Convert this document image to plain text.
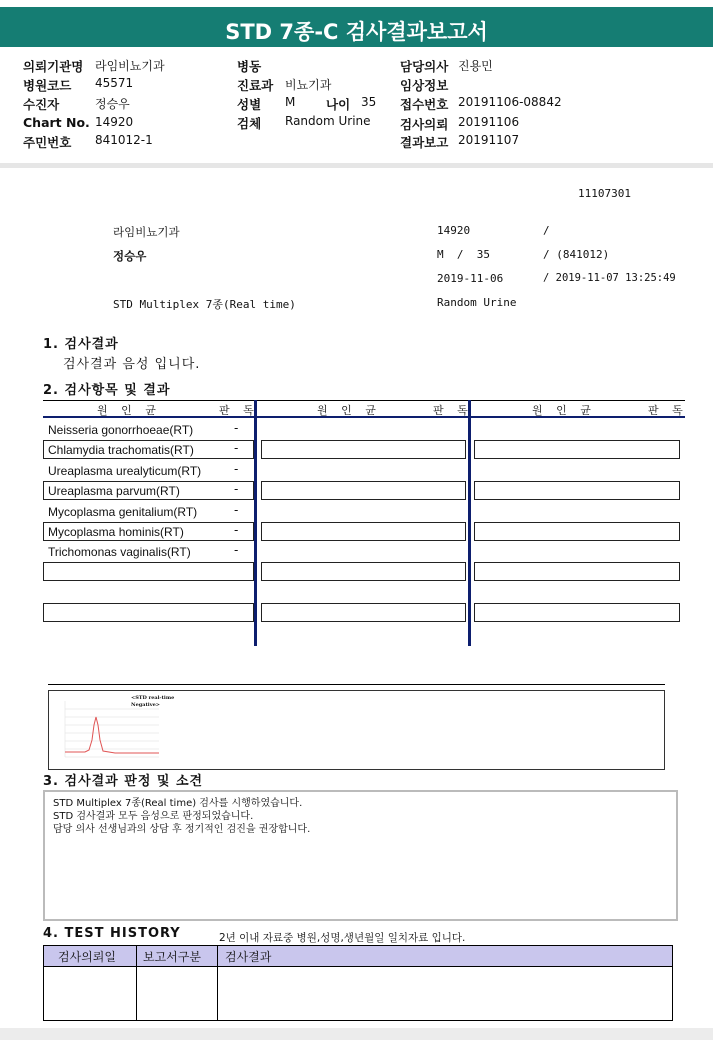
STD 7종-C 검사결과보고서
의뢰기관명 라임비뇨기과
병원코드 45571
수진자	정승우
Chart No. 14920
주민번호 841012-1
병동
진료과 비뇨기과
성별 M 나이 35
검체 Random Urine
담당의사 진용민
임상정보
접수번호 20191106-08842
검사의뢰 20191106
결과보고 20191107
11107301
라임비뇨기과	14920	/
정승우	M  /  35	/ (841012)
2019-11-06	/ 2019-11-07 13:25:49
STD Multiplex 7종(Real time)	Random Urine
1. 검사결과
검사결과 음성 입니다.
2. 검사항목 및 결과
원 인 균	판 독	원 인 균	판 독	원 인 균	판 독
Neisseria gonorrhoeae(RT)	-
Chlamydia trachomatis(RT)	-
Ureaplasma urealyticum(RT)	-
Ureaplasma parvum(RT)	-
Mycoplasma genitalium(RT)	-
Mycoplasma hominis(RT)	-
Trichomonas vaginalis(RT)	-
<STD real-time
Negative>
3. 검사결과 판정 및 소견
STD Multiplex 7종(Real time) 검사를 시행하였습니다.
STD 검사결과 모두 음성으로 판정되었습니다.
담당 의사 선생님과의 상담 후 정기적인 검진을 권장합니다.
4. TEST HISTORY	2년 이내 자료중 병원,성명,생년월일 일치자료 입니다.
검사의뢰일 보고서구분 검사결과
